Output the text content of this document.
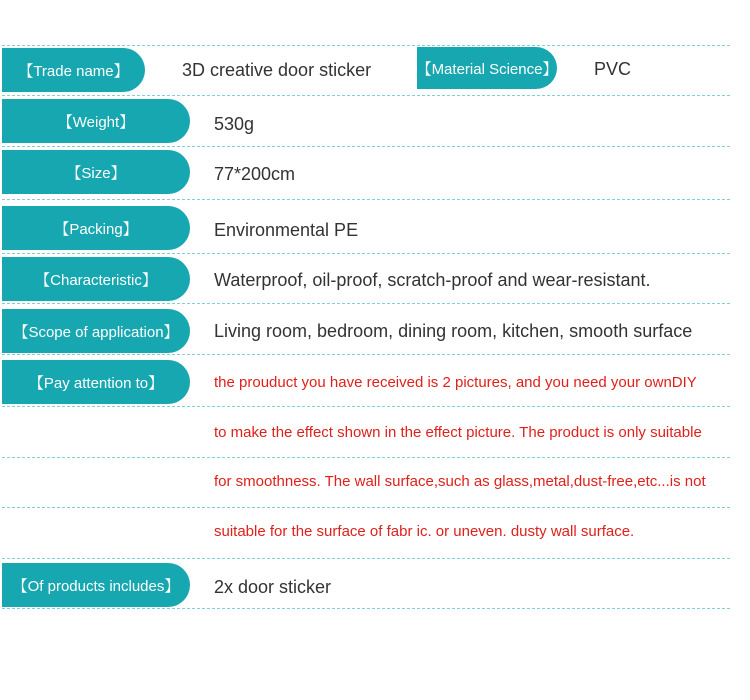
【Trade name】	3D creative door sticker	【Material Science】 PVC
【Weight】	530g
【Size】	77*200cm
【Packing】	Environmental PE
【Characteristic】	Waterproof, oil-proof, scratch-proof and wear-resistant.
【Scope of application】	Living room, bedroom, dining room, kitchen, smooth surface
【Pay attention to】	the prouduct you have received is 2 pictures, and you need your ownDIY
to make the effect shown in the effect picture. The product is only suitable
for smoothness. The wall surface,such as glass,metal,dust-free,etc...is not
suitable for the surface of fabr ic. or uneven. dusty wall surface.
【Of products includes】	2x door sticker
